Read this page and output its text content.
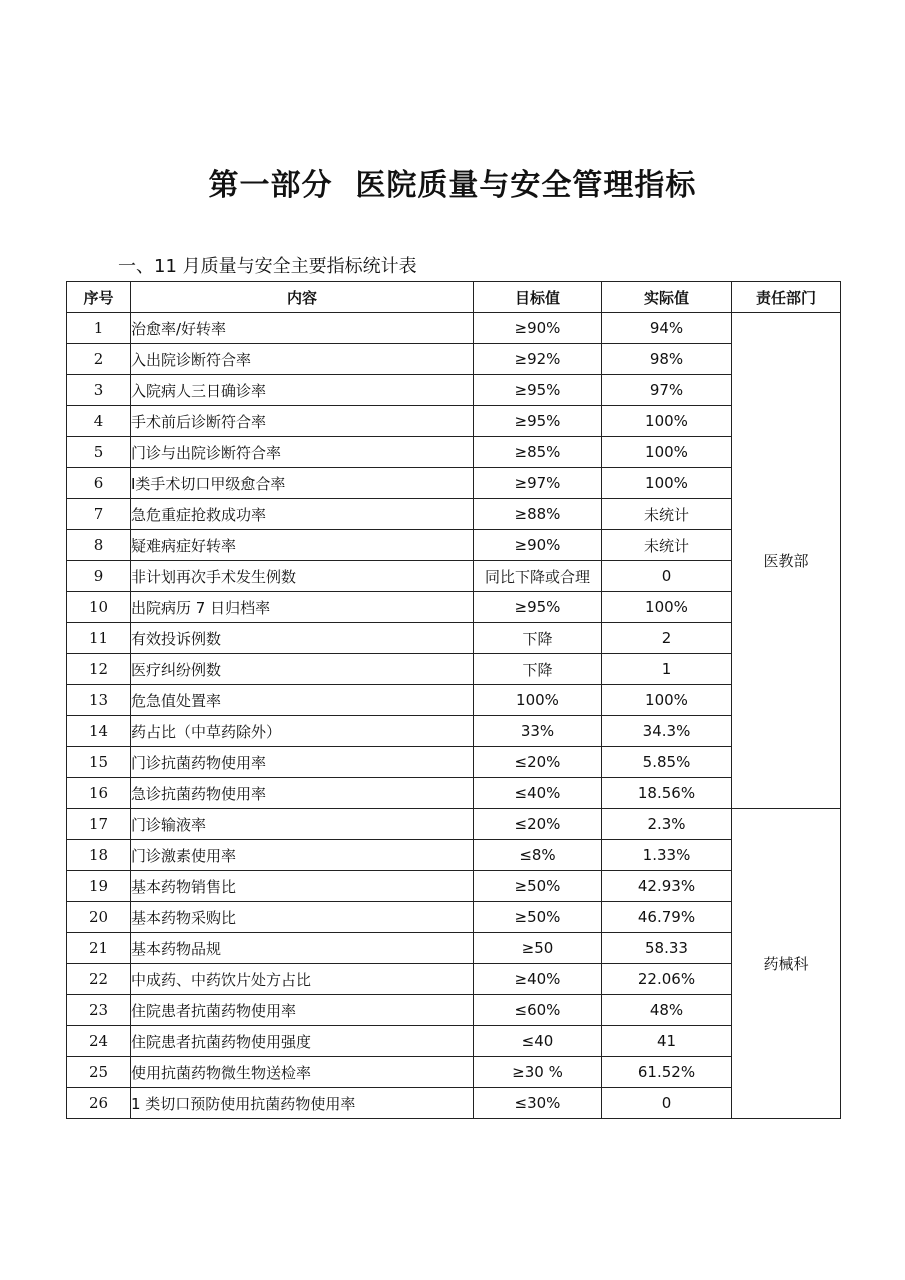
第一部分  医院质量与安全管理指标
一、11 月质量与安全主要指标统计表
序号	内容	目标值	实际值	责任部门
1	治愈率/好转率	≥90%	94%	医教部
2	入出院诊断符合率	≥92%	98%	
3	入院病人三日确诊率	≥95%	97%	
4	手术前后诊断符合率	≥95%	100%	
5	门诊与出院诊断符合率	≥85%	100%	
6	I类手术切口甲级愈合率	≥97%	100%	
7	急危重症抢救成功率	≥88%	未统计	
8	疑难病症好转率	≥90%	未统计	
9	非计划再次手术发生例数	同比下降或合理	0	
10	出院病历 7 日归档率	≥95%	100%	
11	有效投诉例数	下降	2	
12	医疗纠纷例数	下降	1	
13	危急值处置率	100%	100%	
14	药占比（中草药除外）	33%	34.3%	
15	门诊抗菌药物使用率	≤20%	5.85%	
16	急诊抗菌药物使用率	≤40%	18.56%	
17	门诊输液率	≤20%	2.3%	药械科
18	门诊激素使用率	≤8%	1.33%	
19	基本药物销售比	≥50%	42.93%	
20	基本药物采购比	≥50%	46.79%	
21	基本药物品规	≥50	58.33	
22	中成药、中药饮片处方占比	≥40%	22.06%	
23	住院患者抗菌药物使用率	≤60%	48%	
24	住院患者抗菌药物使用强度	≤40	41	
25	使用抗菌药物微生物送检率	≥30 %	61.52%	
26	1 类切口预防使用抗菌药物使用率	≤30%	0	
